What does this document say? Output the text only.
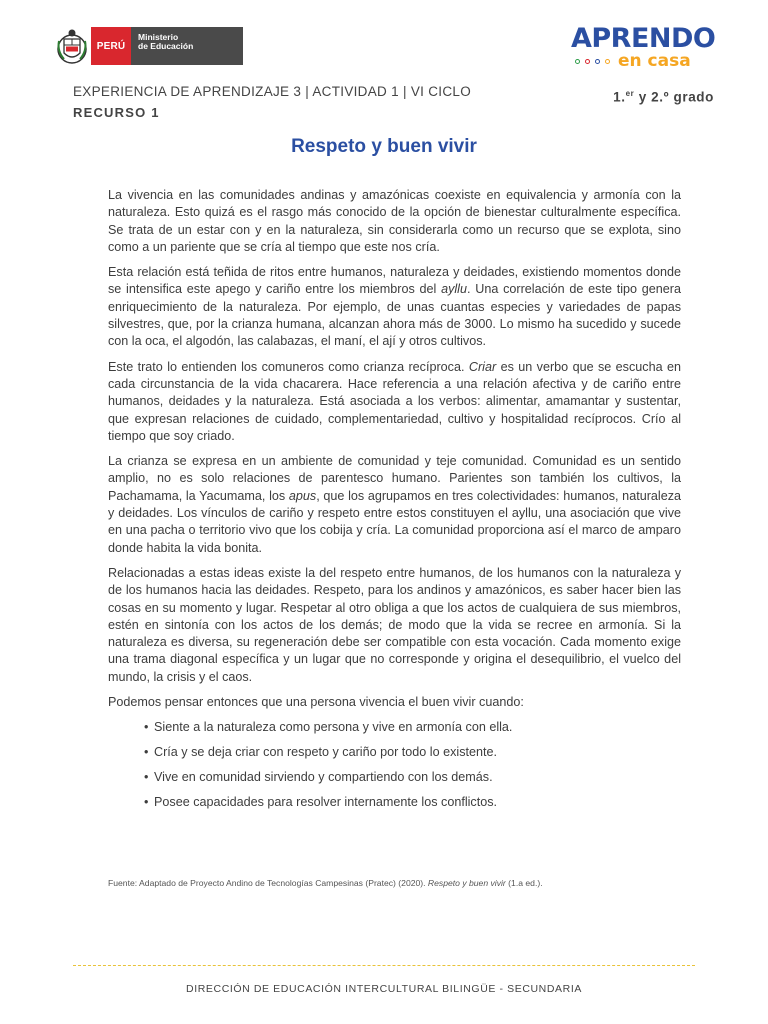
PERÚ
Ministerio
de Educación	APRENDO
en casa
EXPERIENCIA DE APRENDIZAJE 3 | ACTIVIDAD 1 | VI CICLO
RECURSO 1
1.$^{er}$ y 2.º grado
Respeto y buen vivir

La vivencia en las comunidades andinas y amazónicas coexiste en equivalencia y armonía con la naturaleza. Esto quizá es el rasgo más conocido de la opción de bienestar culturalmente específica. Se trata de un estar con y en la naturaleza, sin considerarla como un recurso que se explota, sino como a un pariente que se cría al tiempo que este nos cría.

Esta relación está teñida de ritos entre humanos, naturaleza y deidades, existiendo momentos donde se intensifica este apego y cariño entre los miembros del ayllu. Una correlación de este tipo genera enriquecimiento de la naturaleza. Por ejemplo, de unas cuantas especies y variedades de papas silvestres, que, por la crianza humana, alcanzan ahora más de 3000. Lo mismo ha sucedido y sucede con la oca, el algodón, las calabazas, el maní, el ají y otros cultivos.

Este trato lo entienden los comuneros como crianza recíproca. Criar es un verbo que se escucha en cada circunstancia de la vida chacarera. Hace referencia a una relación afectiva y de cariño entre humanos, deidades y la naturaleza. Está asociada a los verbos: alimentar, amamantar y sustentar, que expresan relaciones de cuidado, complementariedad, cultivo y hospitalidad recíprocos. Crío al tiempo que soy criado.

La crianza se expresa en un ambiente de comunidad y teje comunidad. Comunidad es un sentido amplio, no es solo relaciones de parentesco humano. Parientes son también los cultivos, la Pachamama, la Yacumama, los apus, que los agrupamos en tres colectividades: humanos, naturaleza y deidades. Los vínculos de cariño y respeto entre estos constituyen el ayllu, una asociación que vive en una pacha o territorio vivo que los cobija y cría. La comunidad proporciona así el marco de amparo donde habita la vida bonita.

Relacionadas a estas ideas existe la del respeto entre humanos, de los humanos con la naturaleza y de los humanos hacia las deidades. Respeto, para los andinos y amazónicos, es saber hacer bien las cosas en su momento y lugar. Respetar al otro obliga a que los actos de cualquiera de sus miembros, estén en sintonía con los actos de los demás; de modo que la vida se recree en armonía. Si la naturaleza es diversa, su regeneración debe ser compatible con esta vocación. Cada momento exige una trama diagonal específica y un lugar que no corresponde y origina el desequilibrio, el vuelco del mundo, la crisis y el caos.

Podemos pensar entonces que una persona vivencia el buen vivir cuando:

• Siente a la naturaleza como persona y vive en armonía con ella.
• Cría y se deja criar con respeto y cariño por todo lo existente.
• Vive en comunidad sirviendo y compartiendo con los demás.
• Posee capacidades para resolver internamente los conflictos.
Fuente: Adaptado de Proyecto Andino de Tecnologías Campesinas (Pratec) (2020). Respeto y buen vivir (1.a ed.).
DIRECCIÓN DE EDUCACIÓN INTERCULTURAL BILINGÜE - SECUNDARIA
